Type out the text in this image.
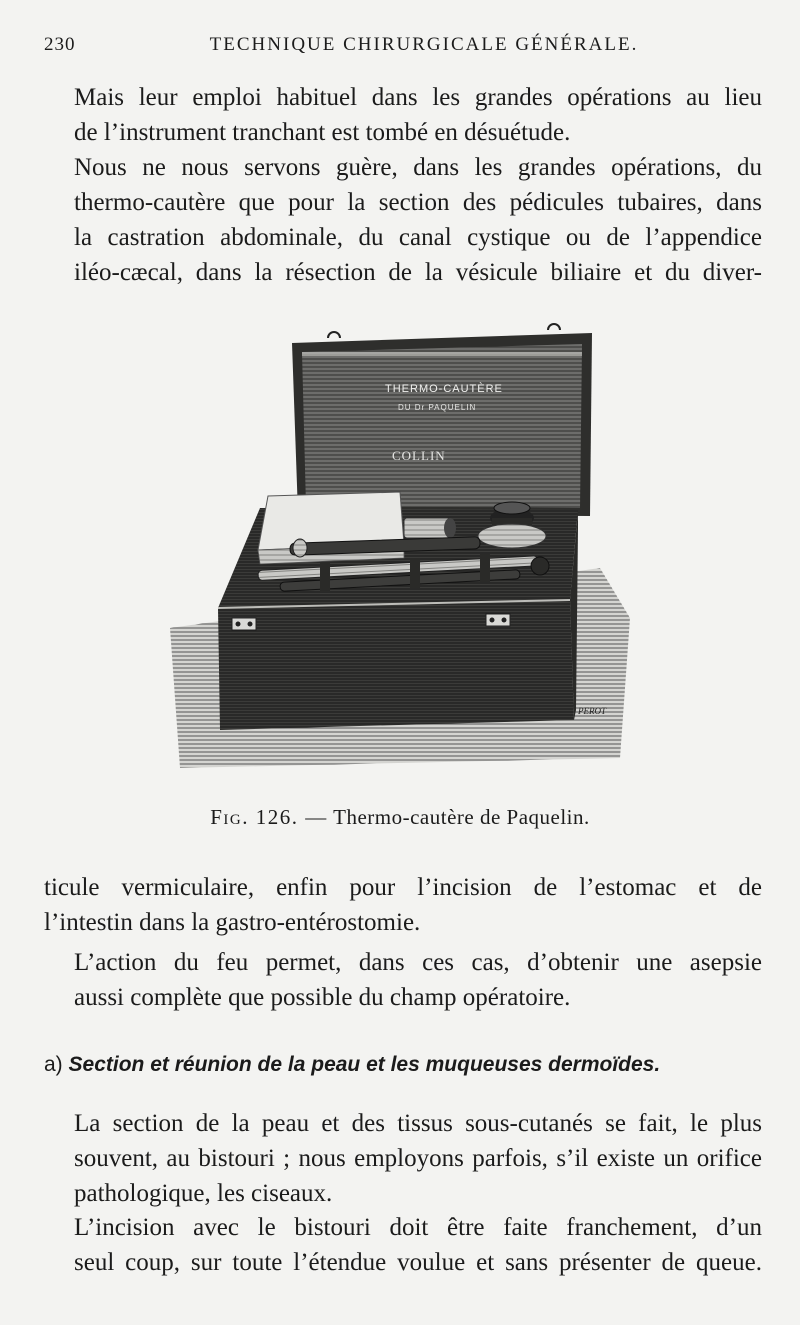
230	TECHNIQUE CHIRURGICALE GÉNÉRALE.

Mais leur emploi habituel dans les grandes opérations au lieu
de l’instrument tranchant est tombé en désuétude.

Nous ne nous servons guère, dans les grandes opérations, du
thermo-cautère que pour la section des pédicules tubaires, dans
la castration abdominale, du canal cystique ou de l’appendice
iléo-cæcal, dans la résection de la vésicule biliaire et du diver-

THERMO-CAUTÈRE
DU Dr PAQUELIN
COLLIN
PEROT
Fig. 126. — Thermo-cautère de Paquelin.

ticule vermiculaire, enfin pour l’incision de l’estomac et de
l’intestin dans la gastro-entérostomie.

L’action du feu permet, dans ces cas, d’obtenir une asepsie
aussi complète que possible du champ opératoire.

a) Section et réunion de la peau et les muqueuses dermoïdes.

La section de la peau et des tissus sous-cutanés se fait, le plus
souvent, au bistouri ; nous employons parfois, s’il existe un orifice
pathologique, les ciseaux.

L’incision avec le bistouri doit être faite franchement, d’un
seul coup, sur toute l’étendue voulue et sans présenter de queue.
